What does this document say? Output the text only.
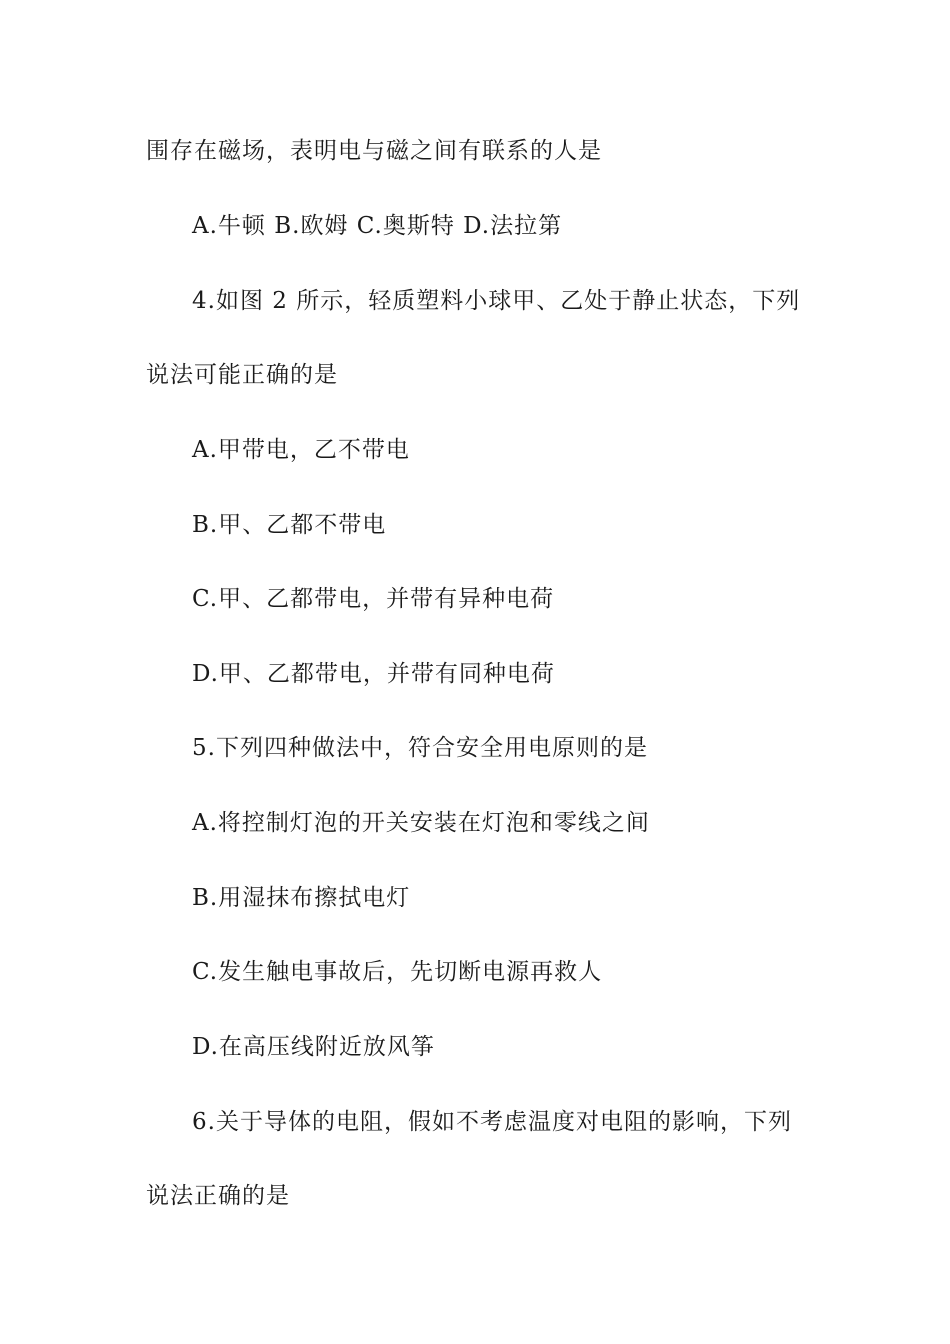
围存在磁场，表明电与磁之间有联系的人是
A.牛顿 B.欧姆 C.奥斯特 D.法拉第
4.如图 2 所示，轻质塑料小球甲、乙处于静止状态，下列
说法可能正确的是
A.甲带电，乙不带电
B.甲、乙都不带电
C.甲、乙都带电，并带有异种电荷
D.甲、乙都带电，并带有同种电荷
5.下列四种做法中，符合安全用电原则的是
A.将控制灯泡的开关安装在灯泡和零线之间
B.用湿抹布擦拭电灯
C.发生触电事故后，先切断电源再救人
D.在高压线附近放风筝
6.关于导体的电阻，假如不考虑温度对电阻的影响，下列
说法正确的是
